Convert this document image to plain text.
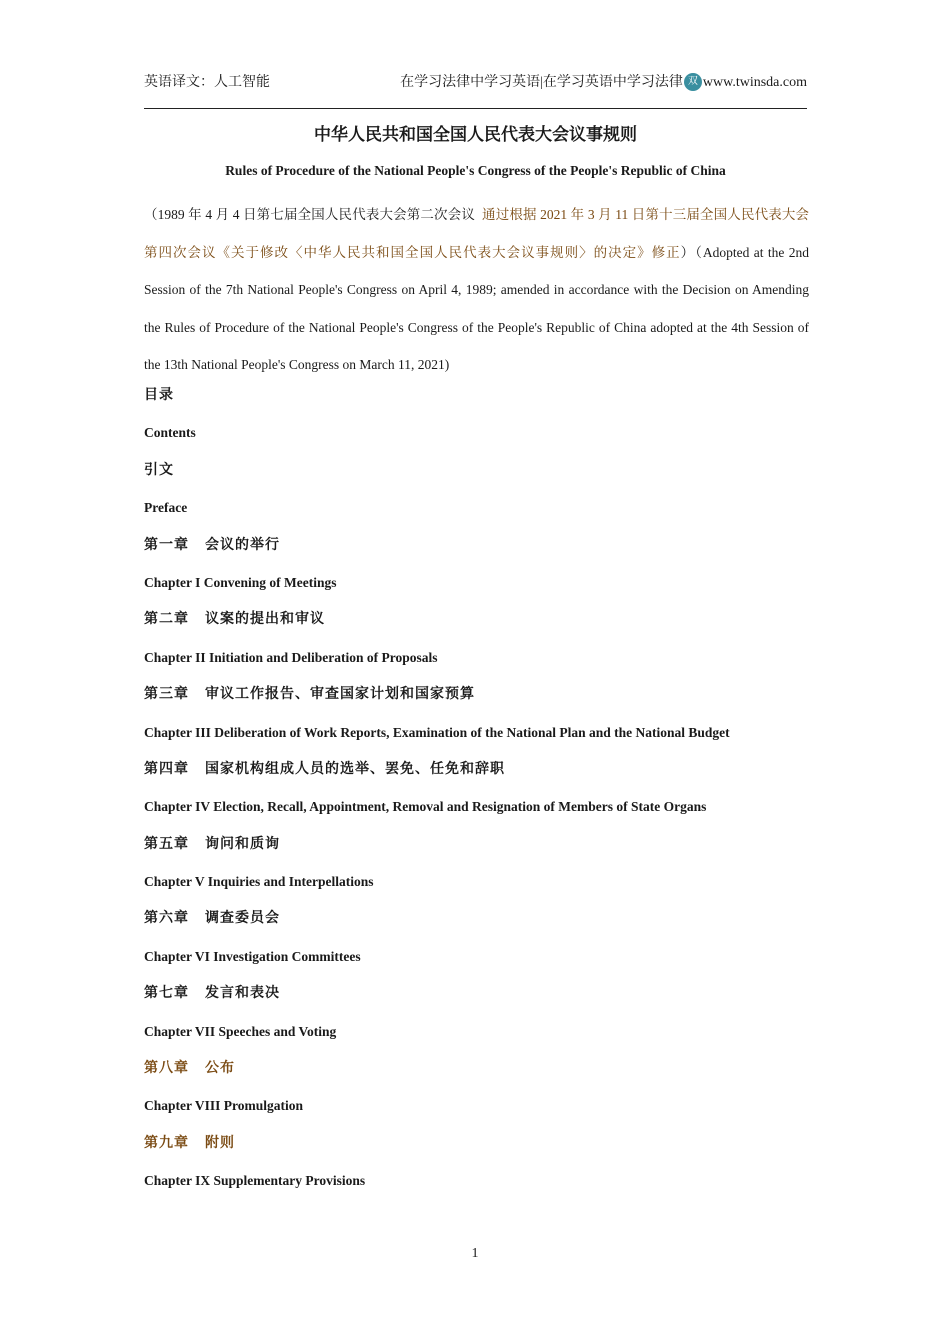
英语译文：人工智能	在学习法律中学习英语|在学习英语中学习法律 双 www.twinsda.com
中华人民共和国全国人民代表大会议事规则
Rules of Procedure of the National People's Congress of the People's Republic of China
（1989 年 4 月 4 日第七届全国人民代表大会第二次会议 通过根据 2021 年 3 月 11 日第十三届全国人民代表大会第四次会议《关于修改〈中华人民共和国全国人民代表大会议事规则〉的决定》修正）（Adopted at the 2nd Session of the 7th National People's Congress on April 4, 1989; amended in accordance with the Decision on Amending the Rules of Procedure of the National People's Congress of the People's Republic of China adopted at the 4th Session of the 13th National People's Congress on March 11, 2021)
目录
Contents
引文
Preface
第一章 会议的举行
Chapter I Convening of Meetings
第二章 议案的提出和审议
Chapter II Initiation and Deliberation of Proposals
第三章 审议工作报告、审查国家计划和国家预算
Chapter III Deliberation of Work Reports, Examination of the National Plan and the National Budget
第四章 国家机构组成人员的选举、罢免、任免和辞职
Chapter IV Election, Recall, Appointment, Removal and Resignation of Members of State Organs
第五章 询问和质询
Chapter V Inquiries and Interpellations
第六章 调查委员会
Chapter VI Investigation Committees
第七章 发言和表决
Chapter VII Speeches and Voting
第八章 公布
Chapter VIII Promulgation
第九章 附则
Chapter IX Supplementary Provisions
1
